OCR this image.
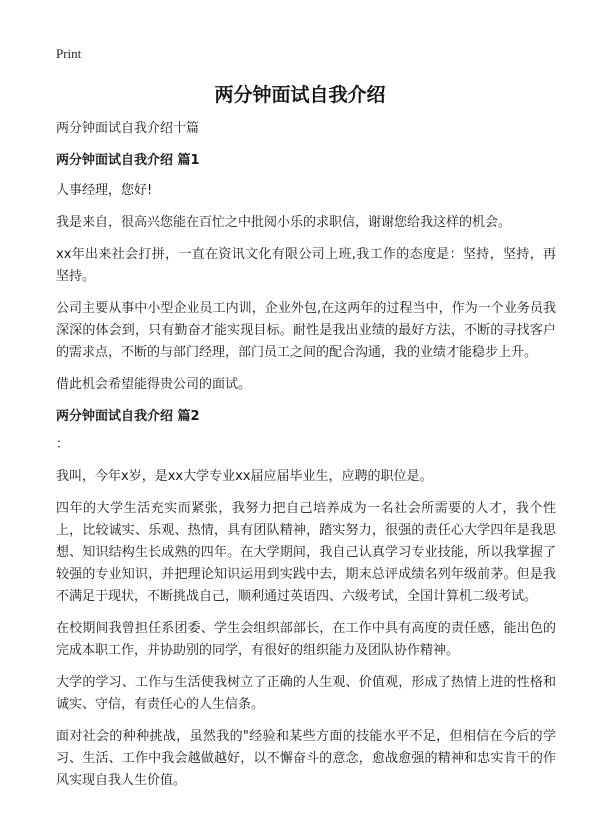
Print
两分钟面试自我介绍

两分钟面试自我介绍十篇

两分钟面试自我介绍 篇1

人事经理，您好!

我是来自，很高兴您能在百忙之中批阅小乐的求职信，谢谢您给我这样的机会。

xx年出来社会打拼，一直在资讯文化有限公司上班,我工作的态度是：坚持，坚持，再坚持。

公司主要从事中小型企业员工内训，企业外包,在这两年的过程当中，作为一个业务员我深深的体会到，只有勤奋才能实现目标。耐性是我出业绩的最好方法，不断的寻找客户的需求点，不断的与部门经理，部门员工之间的配合沟通，我的业绩才能稳步上升。

借此机会希望能得贵公司的面试。

两分钟面试自我介绍 篇2

：

我叫，今年x岁，是xx大学专业xx届应届毕业生，应聘的职位是。

四年的大学生活充实而紧张，我努力把自己培养成为一名社会所需要的人才，我个性上，比较诚实、乐观、热情，具有团队精神，踏实努力，很强的责任心大学四年是我思想、知识结构生长成熟的四年。在大学期间，我自己认真学习专业技能，所以我掌握了较强的专业知识，并把理论知识运用到实践中去，期末总评成绩名列年级前茅。但是我不满足于现状，不断挑战自己，顺利通过英语四、六级考试，全国计算机二级考试。

在校期间我曾担任系团委、学生会组织部部长，在工作中具有高度的责任感，能出色的完成本职工作，并协助别的同学，有很好的组织能力及团队协作精神。

大学的学习、工作与生活使我树立了正确的人生观、价值观，形成了热情上进的性格和诚实、守信，有责任心的人生信条。

面对社会的种种挑战，虽然我的"经验和某些方面的技能水平不足，但相信在今后的学习、生活、工作中我会越做越好，以不懈奋斗的意念，愈战愈强的精神和忠实肯干的作风实现自我人生价值。
